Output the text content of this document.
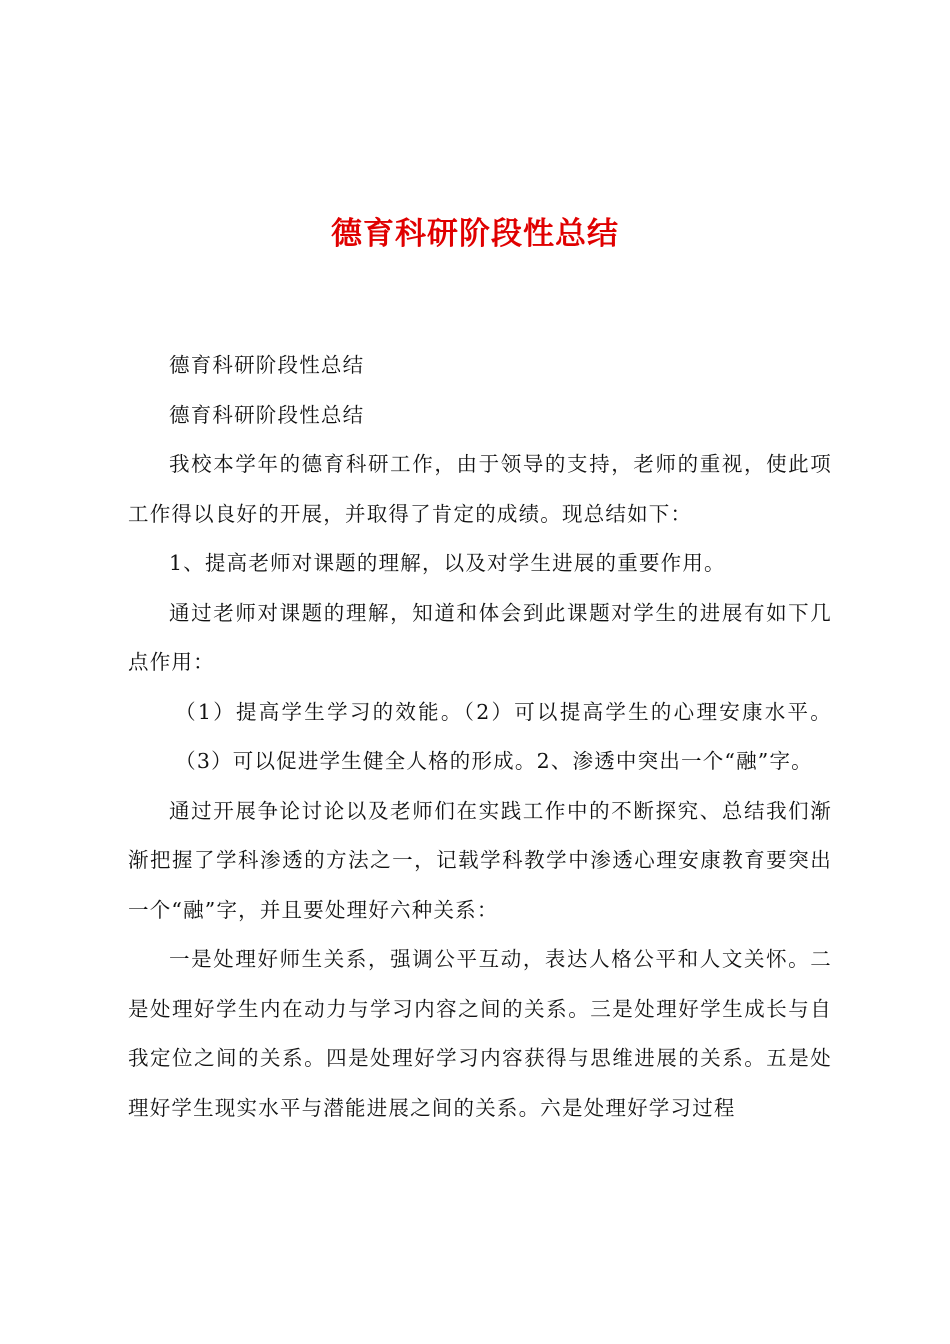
德育科研阶段性总结

德育科研阶段性总结

德育科研阶段性总结

我校本学年的德育科研工作，由于领导的支持，老师的重视，使此项工作得以良好的开展，并取得了肯定的成绩。现总结如下：

1、提高老师对课题的理解，以及对学生进展的重要作用。

通过老师对课题的理解，知道和体会到此课题对学生的进展有如下几点作用：

（1）提高学生学习的效能。（2）可以提高学生的心理安康水平。（3）可以促进学生健全人格的形成。2、渗透中突出一个“融”字。

通过开展争论讨论以及老师们在实践工作中的不断探究、总结我们渐渐把握了学科渗透的方法之一，记载学科教学中渗透心理安康教育要突出一个“融”字，并且要处理好六种关系：

一是处理好师生关系，强调公平互动，表达人格公平和人文关怀。二是处理好学生内在动力与学习内容之间的关系。三是处理好学生成长与自我定位之间的关系。四是处理好学习内容获得与思维进展的关系。五是处理好学生现实水平与潜能进展之间的关系。六是处理好学习过程
